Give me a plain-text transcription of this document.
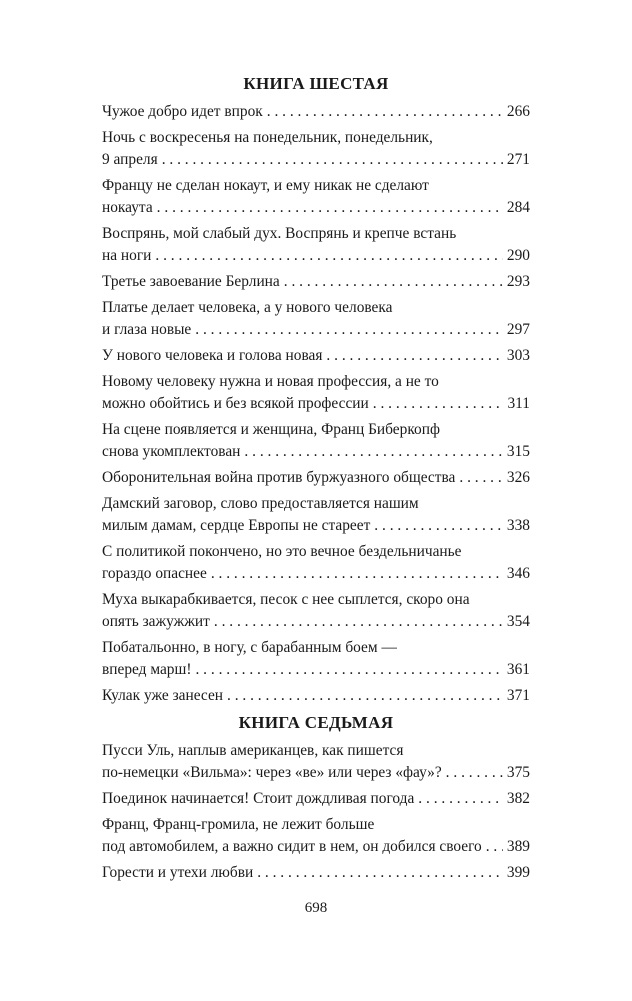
КНИГА ШЕСТАЯ
Чужое добро идет впрок . . .	266
Ночь с воскресенья на понедельник, понедельник,
9 апреля . . .	271
Францу не сделан нокаут, и ему никак не сделают
нокаута . . .	284
Воспрянь, мой слабый дух. Воспрянь и крепче встань
на ноги . . .	290
Третье завоевание Берлина . . .	293
Платье делает человека, а у нового человека
и глаза новые . . .	297
У нового человека и голова новая . . .	303
Новому человеку нужна и новая профессия, а не то
можно обойтись и без всякой профессии . . .	311
На сцене появляется и женщина, Франц Биберкопф
снова укомплектован . . .	315
Оборонительная война против буржуазного общества . . .	326
Дамский заговор, слово предоставляется нашим
милым дамам, сердце Европы не стареет . . .	338
С политикой покончено, но это вечное бездельничанье
гораздо опаснее . . .	346
Муха выкарабкивается, песок с нее сыплется, скоро она
опять зажужжит . . .	354
Побатальонно, в ногу, с барабанным боем —
вперед марш! . . .	361
Кулак уже занесен . . .	371
КНИГА СЕДЬМАЯ
Пусси Уль, наплыв американцев, как пишется
по-немецки «Вильма»: через «ве» или через «фау»? . . .	375
Поединок начинается! Стоит дождливая погода . . .	382
Франц, Франц-громила, не лежит больше
под автомобилем, а важно сидит в нем, он добился своего . . . 389
Горести и утехи любви . . .	399
698
